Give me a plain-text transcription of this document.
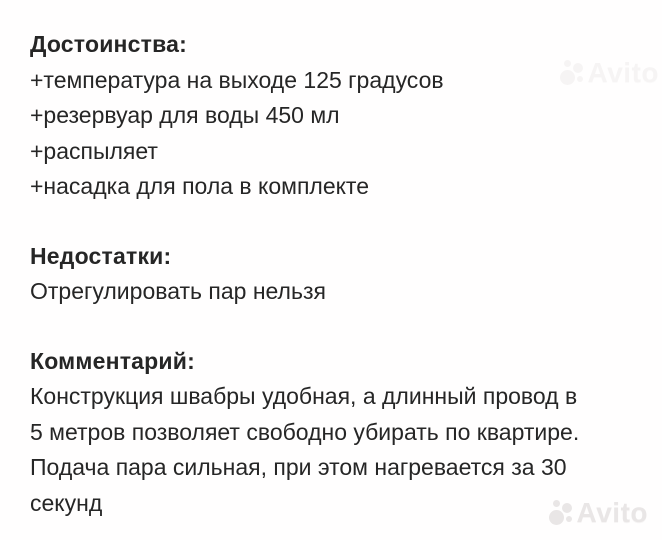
Avito
Достоинства:
+температура на выходе 125 градусов
+резервуар для воды 450 мл
+распыляет
+насадка для пола в комплекте
Недостатки:
Отрегулировать пар нельзя
Комментарий:
Конструкция швабры удобная, а длинный провод в
5 метров позволяет свободно убирать по квартире.
Подача пара сильная, при этом нагревается за 30
секунд	Avito
